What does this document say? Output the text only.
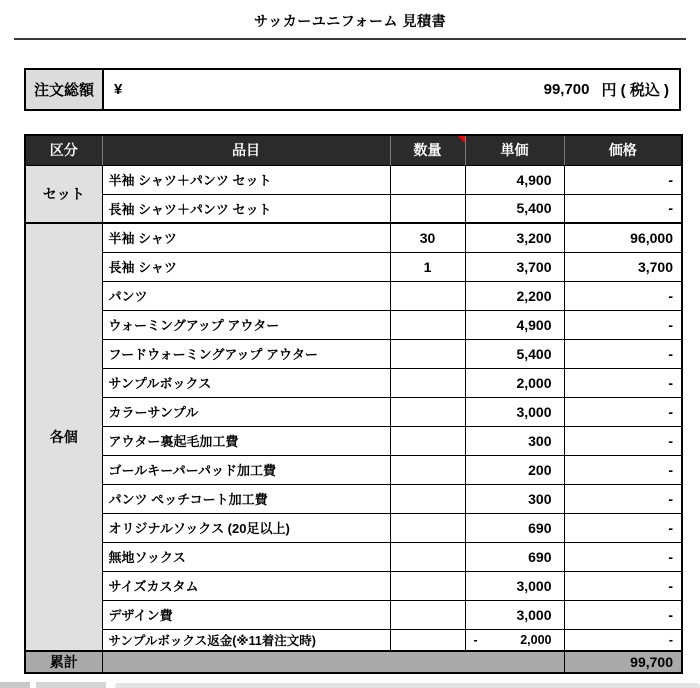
サッカーユニフォーム 見積書
注文総額	¥	99,700 円 ( 税込 )
区分	品目	数量	単価	価格
セット	半袖 シャツ＋パンツ セット		4,900	-
	長袖 シャツ＋パンツ セット		5,400	-
各個	半袖 シャツ	30	3,200	96,000
	長袖 シャツ	1	3,700	3,700
	パンツ		2,200	-
	ウォーミングアップ アウター		4,900	-
	フードウォーミングアップ アウター		5,400	-
	サンプルボックス		2,000	-
	カラーサンプル		3,000	-
	アウター裏起毛加工費		300	-
	ゴールキーパーパッド加工費		200	-
	パンツ ペッチコート加工費		300	-
	オリジナルソックス (20足以上)		690	-
	無地ソックス		690	-
	サイズカスタム		3,000	-
	デザイン費		3,000	-
	サンプルボックス返金(※11着注文時)		- 2,000	-
累計				99,700
